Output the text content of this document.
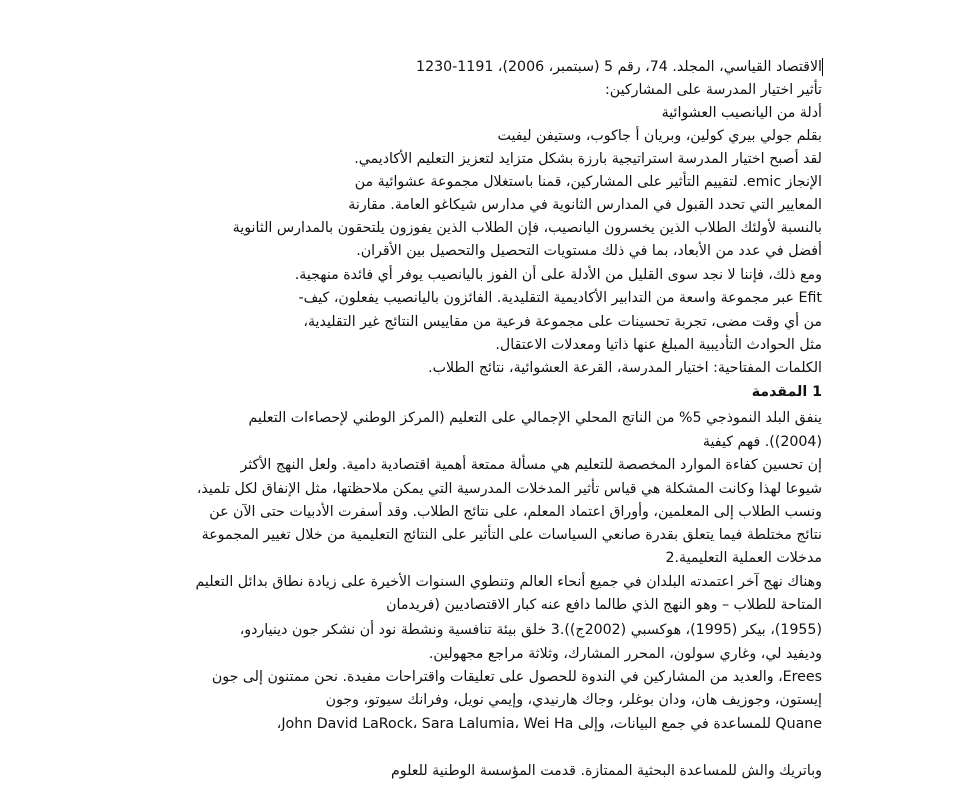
الاقتصاد القياسي، المجلد. 74، رقم 5 (سبتمبر، 2006)، 1191-1230
تأثير اختيار المدرسة على المشاركين:
أدلة من اليانصيب العشوائية
بقلم جولي بيري كولين، وبريان أ جاكوب، وستيفن ليفيت
لقد أصبح اختيار المدرسة استراتيجية بارزة بشكل متزايد لتعزيز التعليم الأكاديمي.
الإنجاز emic. لتقييم التأثير على المشاركين، قمنا باستغلال مجموعة عشوائية من
المعايير التي تحدد القبول في المدارس الثانوية في مدارس شيكاغو العامة. مقارنة
بالنسبة لأولئك الطلاب الذين يخسرون اليانصيب، فإن الطلاب الذين يفوزون يلتحقون بالمدارس الثانوية
أفضل في عدد من الأبعاد، بما في ذلك مستويات التحصيل والتحصيل بين الأقران.
ومع ذلك، فإننا لا نجد سوى القليل من الأدلة على أن الفوز باليانصيب يوفر أي فائدة منهجية.
Efit عبر مجموعة واسعة من التدابير الأكاديمية التقليدية. الفائزون باليانصيب يفعلون، كيف-
من أي وقت مضى، تجربة تحسينات على مجموعة فرعية من مقاييس النتائج غير التقليدية،
مثل الحوادث التأديبية المبلغ عنها ذاتيا ومعدلات الاعتقال.
الكلمات المفتاحية: اختيار المدرسة، القرعة العشوائية، نتائج الطلاب.
1 المقدمة
ينفق البلد النموذجي 5% من الناتج المحلي الإجمالي على التعليم (المركز الوطني لإحصاءات التعليم
(2004)). فهم كيفية
إن تحسين كفاءة الموارد المخصصة للتعليم هي مسألة ممتعة أهمية اقتصادية دامية. ولعل النهج الأكثر
شيوعا لهذا وكانت المشكلة هي قياس تأثير المدخلات المدرسية التي يمكن ملاحظتها، مثل الإنفاق لكل تلميذ،
ونسب الطلاب إلى المعلمين، وأوراق اعتماد المعلم، على نتائج الطلاب. وقد أسفرت الأدبيات حتى الآن عن
نتائج مختلطة فيما يتعلق بقدرة صانعي السياسات على التأثير على النتائج التعليمية من خلال تغيير المجموعة
مدخلات العملية التعليمية.2
وهناك نهج آخر اعتمدته البلدان في جميع أنحاء العالم وتنطوي السنوات الأخيرة على زيادة نطاق بدائل التعليم
المتاحة للطلاب – وهو النهج الذي طالما دافع عنه كبار الاقتصاديين (فريدمان
(1955)، بيكر (1995)، هوكسبي (2002ج)).3 خلق بيئة تنافسية ونشطة نود أن نشكر جون دينياردو،
وديفيد لي، وغاري سولون، المحرر المشارك، وثلاثة مراجع مجهولين.
Erees، والعديد من المشاركين في الندوة للحصول على تعليقات واقتراحات مفيدة. نحن ممتنون إلى جون
إيستون، وجوزيف هان، ودان بوغلر، وجاك هارنيدي، وإيمي نويل، وفرانك سيوتو، وجون
Quane للمساعدة في جمع البيانات، وإلى John David LaRock، Sara Lalumia، Wei Ha،
وباتريك والش للمساعدة البحثية الممتازة. قدمت المؤسسة الوطنية للعلوم
